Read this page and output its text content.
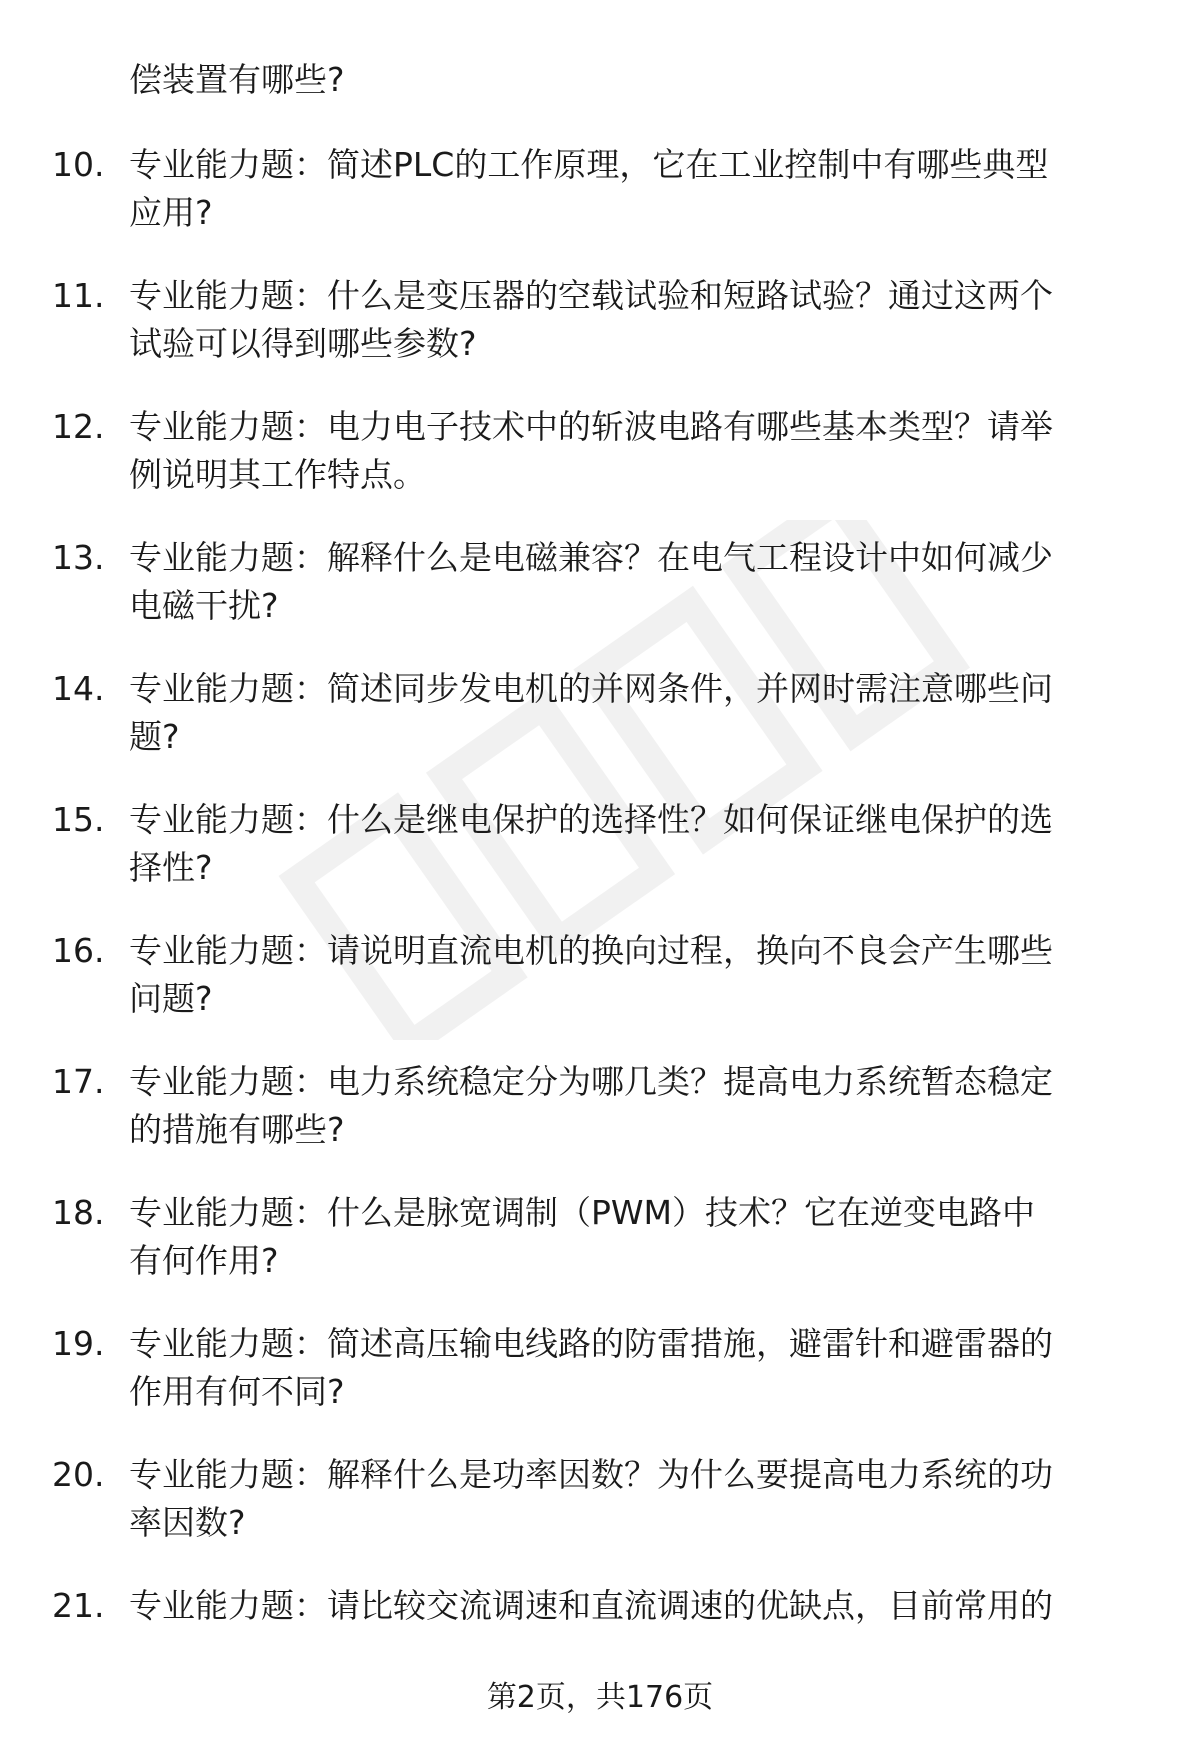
偿装置有哪些?
10. 专业能力题：简述PLC的工作原理，它在工业控制中有哪些典型
应用?
11. 专业能力题：什么是变压器的空载试验和短路试验？通过这两个
试验可以得到哪些参数?
12. 专业能力题：电力电子技术中的斩波电路有哪些基本类型？请举
例说明其工作特点。
13. 专业能力题：解释什么是电磁兼容？在电气工程设计中如何减少
电磁干扰?
14. 专业能力题：简述同步发电机的并网条件，并网时需注意哪些问
题?
15. 专业能力题：什么是继电保护的选择性？如何保证继电保护的选
择性?
16. 专业能力题：请说明直流电机的换向过程，换向不良会产生哪些
问题?
17. 专业能力题：电力系统稳定分为哪几类？提高电力系统暂态稳定
的措施有哪些?
18. 专业能力题：什么是脉宽调制（PWM）技术？它在逆变电路中
有何作用?
19. 专业能力题：简述高压输电线路的防雷措施，避雷针和避雷器的
作用有何不同?
20. 专业能力题：解释什么是功率因数？为什么要提高电力系统的功
率因数?
21. 专业能力题：请比较交流调速和直流调速的优缺点，目前常用的
第2页，共176页
